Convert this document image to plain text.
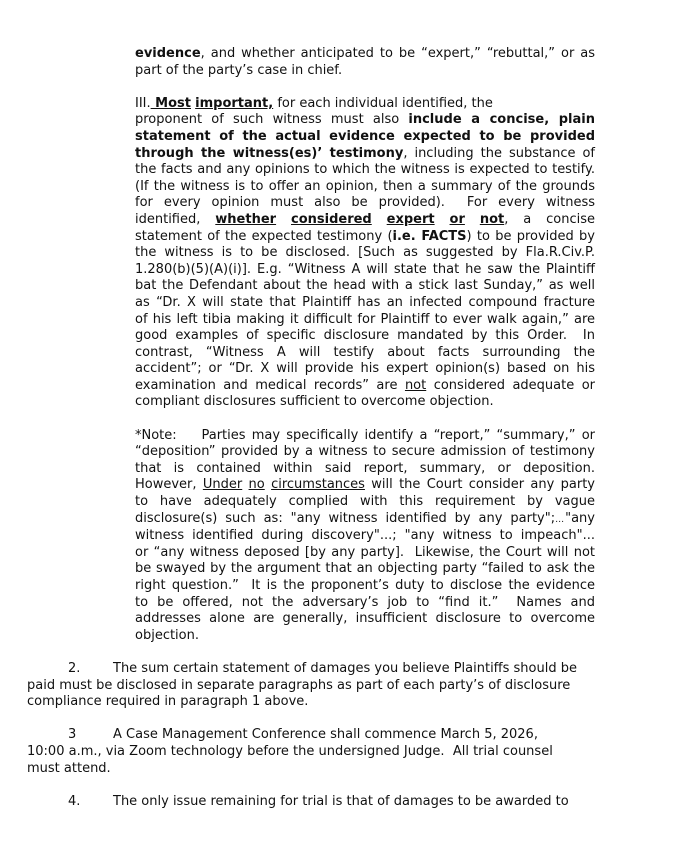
evidence, and whether anticipated to be “expert,” “rebuttal,” or as
part of the party’s case in chief.
III. Most important, for each individual identified, the
proponent of such witness must also include a concise, plain
statement of the actual evidence expected to be provided
through the witness(es)’ testimony, including the substance of
the facts and any opinions to which the witness is expected to testify.
(If the witness is to offer an opinion, then a summary of the grounds
for every opinion must also be provided).  For every witness
identified, whether considered expert or not, a concise
statement of the expected testimony (i.e. FACTS) to be provided by
the witness is to be disclosed. [Such as suggested by Fla.R.Civ.P.
1.280(b)(5)(A)(i)]. E.g. “Witness A will state that he saw the Plaintiff
bat the Defendant about the head with a stick last Sunday,” as well
as “Dr. X will state that Plaintiff has an infected compound fracture
of his left tibia making it difficult for Plaintiff to ever walk again,” are
good examples of specific disclosure mandated by this Order.  In
contrast, “Witness A will testify about facts surrounding the
accident”; or “Dr. X will provide his expert opinion(s) based on his
examination and medical records” are not considered adequate or
compliant disclosures sufficient to overcome objection.
*Note:    Parties may specifically identify a “report,” “summary,” or
“deposition” provided by a witness to secure admission of testimony
that is contained within said report, summary, or deposition.
However, Under no circumstances will the Court consider any party
to have adequately complied with this requirement by vague
disclosure(s) such as: "any witness identified by any party";…"any
witness identified during discovery"...; "any witness to impeach"...
or “any witness deposed [by any party].  Likewise, the Court will not
be swayed by the argument that an objecting party “failed to ask the
right question.”  It is the proponent’s duty to disclose the evidence
to be offered, not the adversary’s job to “find it.”  Names and
addresses alone are generally, insufficient disclosure to overcome
objection.
2.	The sum certain statement of damages you believe Plaintiffs should be
paid must be disclosed in separate paragraphs as part of each party’s of disclosure
compliance required in paragraph 1 above.
3	A Case Management Conference shall commence March 5, 2026,
10:00 a.m., via Zoom technology before the undersigned Judge.  All trial counsel
must attend.
4.	The only issue remaining for trial is that of damages to be awarded to
